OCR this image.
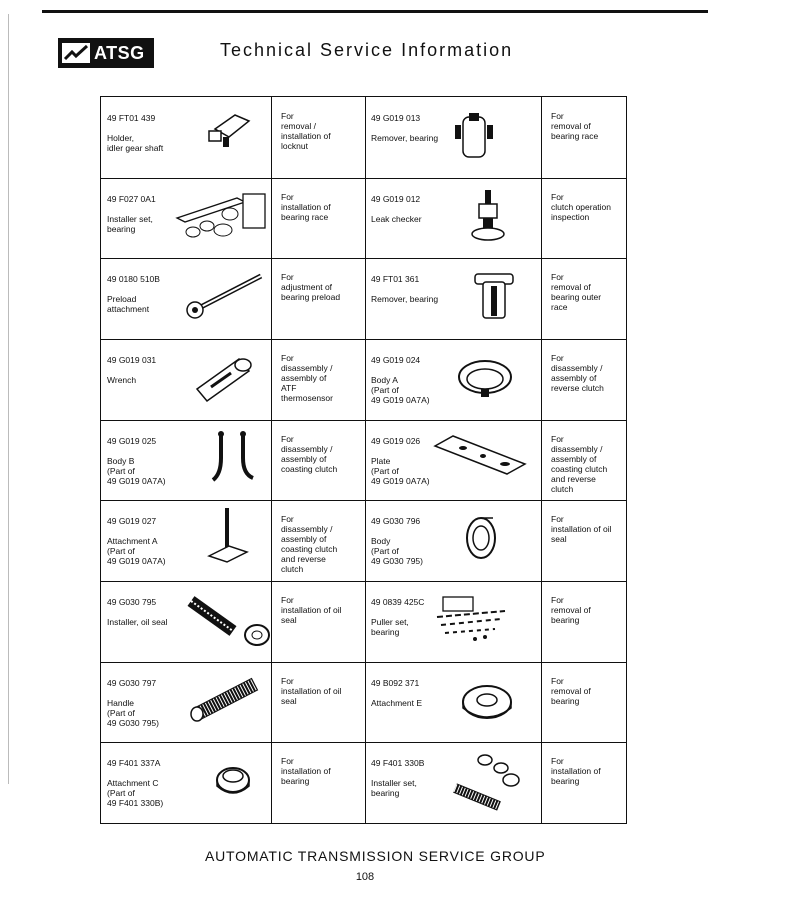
ATSG	Technical Service Information
49 FT01 439
Holder,
idler gear shaft
For
removal /
installation of
locknut
49 G019 013
Remover, bearing
For
removal of
bearing race
49 F027 0A1
Installer set,
bearing
For
installation of
bearing race
49 G019 012
Leak checker
For
clutch operation
inspection
49 0180 510B
Preload
attachment
For
adjustment of
bearing preload
49 FT01 361
Remover, bearing
For
removal of
bearing outer
race
49 G019 031
Wrench
For
disassembly /
assembly of
ATF
thermosensor
49 G019 024
Body A
(Part of
49 G019 0A7A)
For
disassembly /
assembly of
reverse clutch
49 G019 025
Body B
(Part of
49 G019 0A7A)
For
disassembly /
assembly of
coasting clutch
49 G019 026
Plate
(Part of
49 G019 0A7A)
For
disassembly /
assembly of
coasting clutch
and reverse
clutch
49 G019 027
Attachment A
(Part of
49 G019 0A7A)
For
disassembly /
assembly of
coasting clutch
and reverse
clutch
49 G030 796
Body
(Part of
49 G030 795)
For
installation of oil
seal
49 G030 795
Installer, oil seal
For
installation of oil
seal
49 0839 425C
Puller set,
bearing
For
removal of
bearing
49 G030 797
Handle
(Part of
49 G030 795)
For
installation of oil
seal
49 B092 371
Attachment E
For
removal of
bearing
49 F401 337A
Attachment C
(Part of
49 F401 330B)
For
installation of
bearing
49 F401 330B
Installer set,
bearing
For
installation of
bearing
AUTOMATIC TRANSMISSION SERVICE GROUP
108
